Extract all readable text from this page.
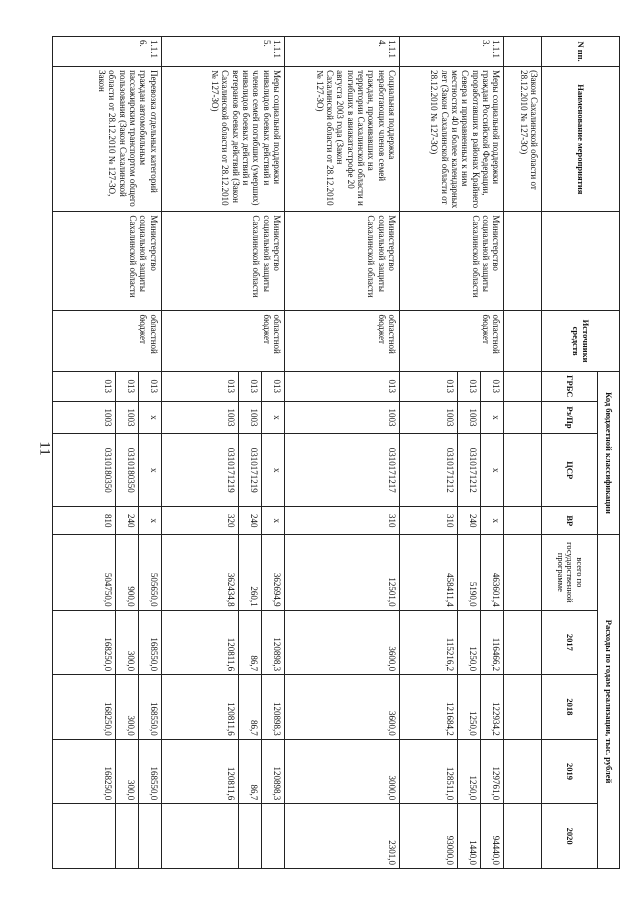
11
N пп.	Наименование мероприятия		Источники средств	Код бюджетной классификации				Расходы по годам реализации, тыс. рублей				
				ГРБС	Рз/Пр	ЦСР	ВР	всего по государственной программе	2017	2018	2019	2020
	(Закон Сахалинской области от 28.12.2010 № 127-ЗО)											
1.1.1 3.	Меры социальной поддержки граждан Российской Федерации, проработавших в районах Крайнего Севера и приравненных к ним местностях 40 и более календарных лет (Закон Сахалинской области от 28.12.2010 № 127-ЗО)	Министерство социальной защиты Сахалинской области	областной бюджет	013	х	х	х	463601,4	116466,2	122934,2	129761,0	94440,0
				013	1003	0310171212	240	5190,0	1250,0	1250,0	1250,0	1440,0
				013	1003	0310171212	310	458411,4	115216,2	121684,2	128511,0	93000,0
1.1.1 4.	Социальная поддержка неработающих членов семей граждан, проживавших на территории Сахалинской области и погибших в авиакатастрофе 20 августа 2003 года (Закон Сахалинской области от 28.12.2010 № 127-ЗО)	Министерство социальной защиты Сахалинской области	областной бюджет	013	1003	0310171217	310	12501,0	3600,0	3600,0	3000,0	2301,0
1.1.1 5.	Меры социальной поддержки инвалидов боевых действий и членов семей погибших (умерших) инвалидов боевых действий и ветеранов боевых действий (Закон Сахалинской области от 28.12.2010 № 127-ЗО)	Министерство социальной защиты Сахалинской области	областной бюджет	013	х	х	х	362694,9	120898,3	120898,3	120898,3	
				013	1003	0310171219	240	260,1	86,7	86,7	86,7	
				013	1003	0310171219	320	362434,8	120811,6	120811,6	120811,6	
1.1.1 6.	Перевозка отдельных категорий граждан автомобильным пассажирским транспортом общего пользования (Закон Сахалинской области от 28.12.2010 № 127-ЗО, Закон	Министерство социальной защиты Сахалинской области	областной бюджет	013	х	х	х	505650,0	168550,0	168550,0	168550,0	
				013	1003	0310180350	240	900,0	300,0	300,0	300,0	
				013	1003	0310180350	810	504750,0	168250,0	168250,0	168250,0	
